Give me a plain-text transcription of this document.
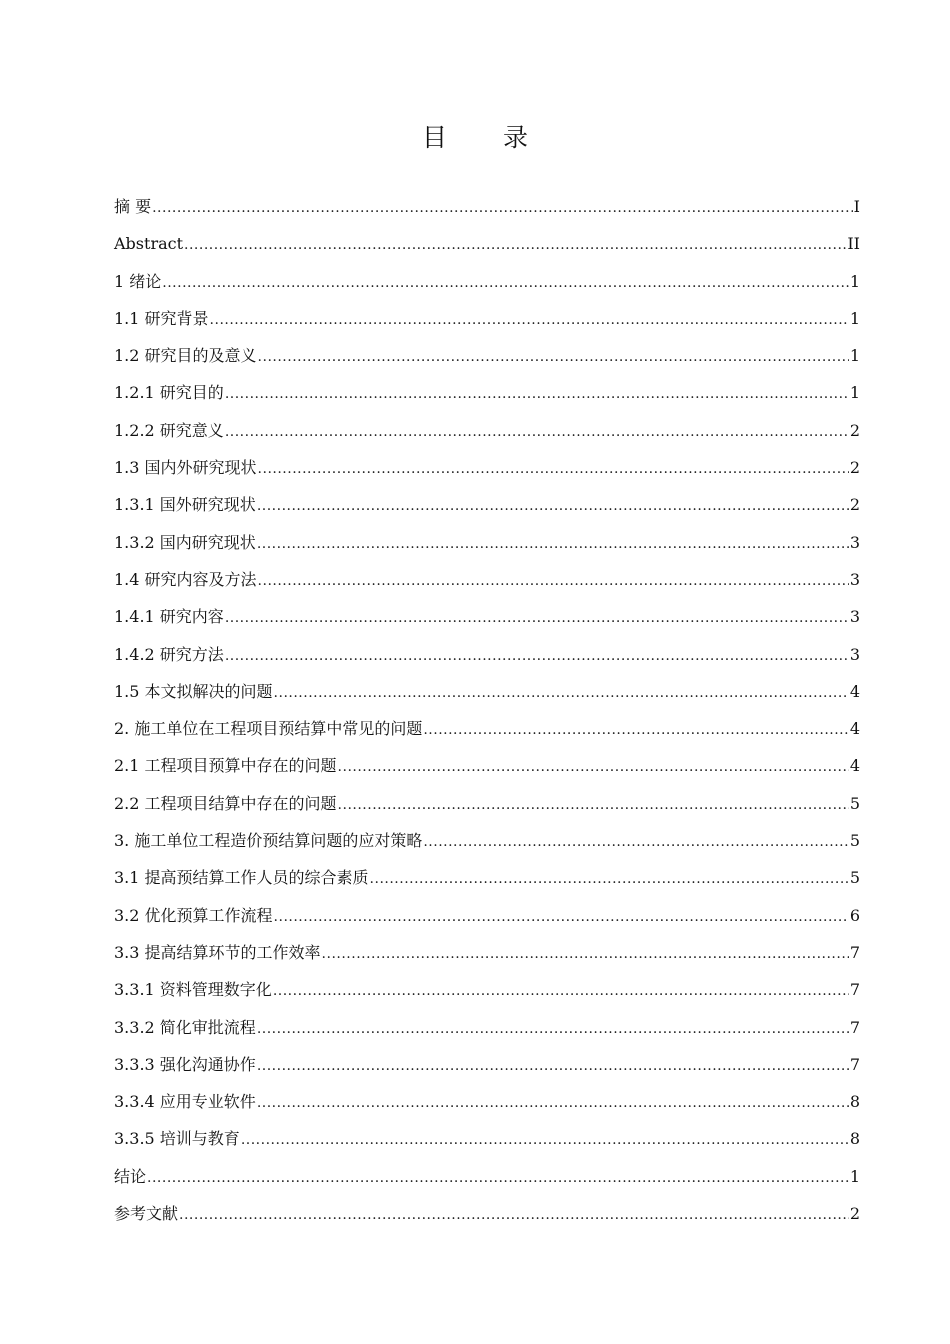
目 录
摘 要 .....	I
Abstract .....	II
1 绪论 .....	1
1.1 研究背景 .....	1
1.2 研究目的及意义 .....	1
1.2.1 研究目的 .....	1
1.2.2 研究意义 .....	2
1.3 国内外研究现状 .....	2
1.3.1 国外研究现状 .....	2
1.3.2 国内研究现状 .....	3
1.4 研究内容及方法 .....	3
1.4.1 研究内容 .....	3
1.4.2 研究方法 .....	3
1.5 本文拟解决的问题 .....	4
2. 施工单位在工程项目预结算中常见的问题 .....	4
2.1 工程项目预算中存在的问题 .....	4
2.2 工程项目结算中存在的问题 .....	5
3. 施工单位工程造价预结算问题的应对策略 .....	5
3.1 提高预结算工作人员的综合素质 .....	5
3.2 优化预算工作流程 .....	6
3.3 提高结算环节的工作效率 .....	7
3.3.1 资料管理数字化 .....	7
3.3.2 简化审批流程 .....	7
3.3.3 强化沟通协作 .....	7
3.3.4 应用专业软件 .....	8
3.3.5 培训与教育 .....	8
结论 .....	1
参考文献 .....	2
